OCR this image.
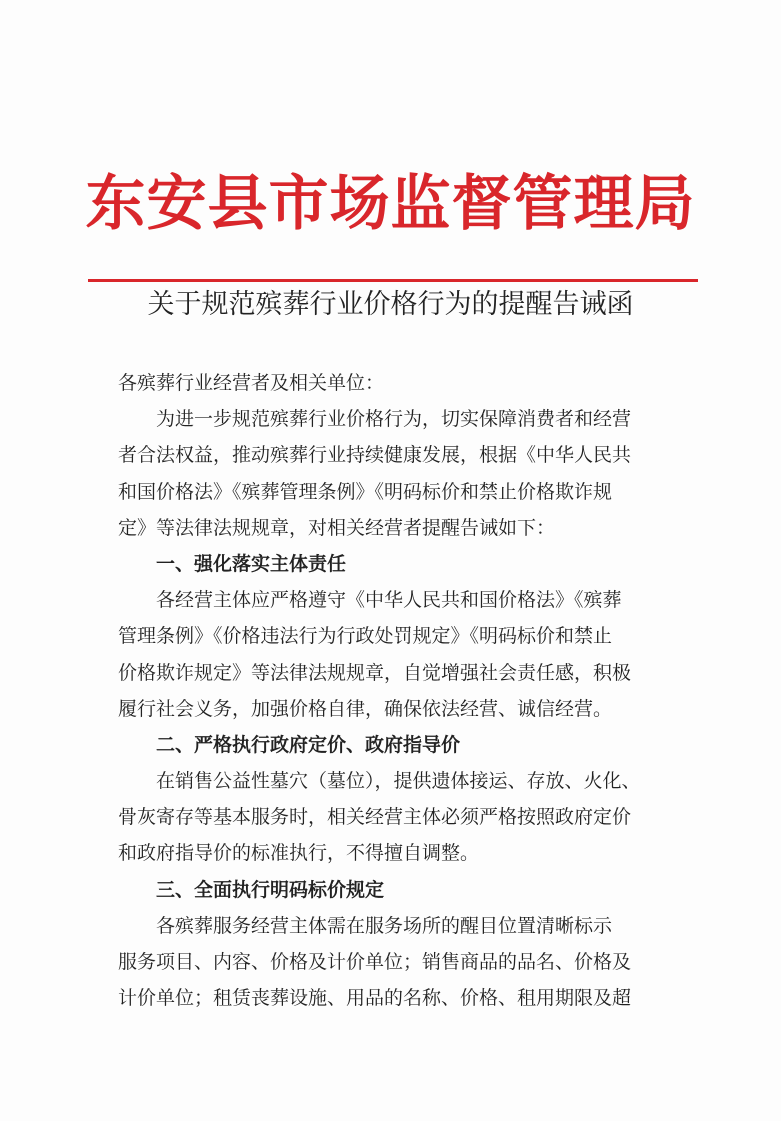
东安县市场监督管理局
关于规范殡葬行业价格行为的提醒告诫函
各殡葬行业经营者及相关单位：
为进一步规范殡葬行业价格行为，切实保障消费者和经营
者合法权益，推动殡葬行业持续健康发展，根据《中华人民共
和国价格法》《殡葬管理条例》《明码标价和禁止价格欺诈规
定》等法律法规规章，对相关经营者提醒告诫如下：
一、强化落实主体责任
各经营主体应严格遵守《中华人民共和国价格法》《殡葬
管理条例》《价格违法行为行政处罚规定》《明码标价和禁止
价格欺诈规定》等法律法规规章，自觉增强社会责任感，积极
履行社会义务，加强价格自律，确保依法经营、诚信经营。
二、严格执行政府定价、政府指导价
在销售公益性墓穴（墓位），提供遗体接运、存放、火化、
骨灰寄存等基本服务时，相关经营主体必须严格按照政府定价
和政府指导价的标准执行，不得擅自调整。
三、全面执行明码标价规定
各殡葬服务经营主体需在服务场所的醒目位置清晰标示
服务项目、内容、价格及计价单位；销售商品的品名、价格及
计价单位；租赁丧葬设施、用品的名称、价格、租用期限及超
